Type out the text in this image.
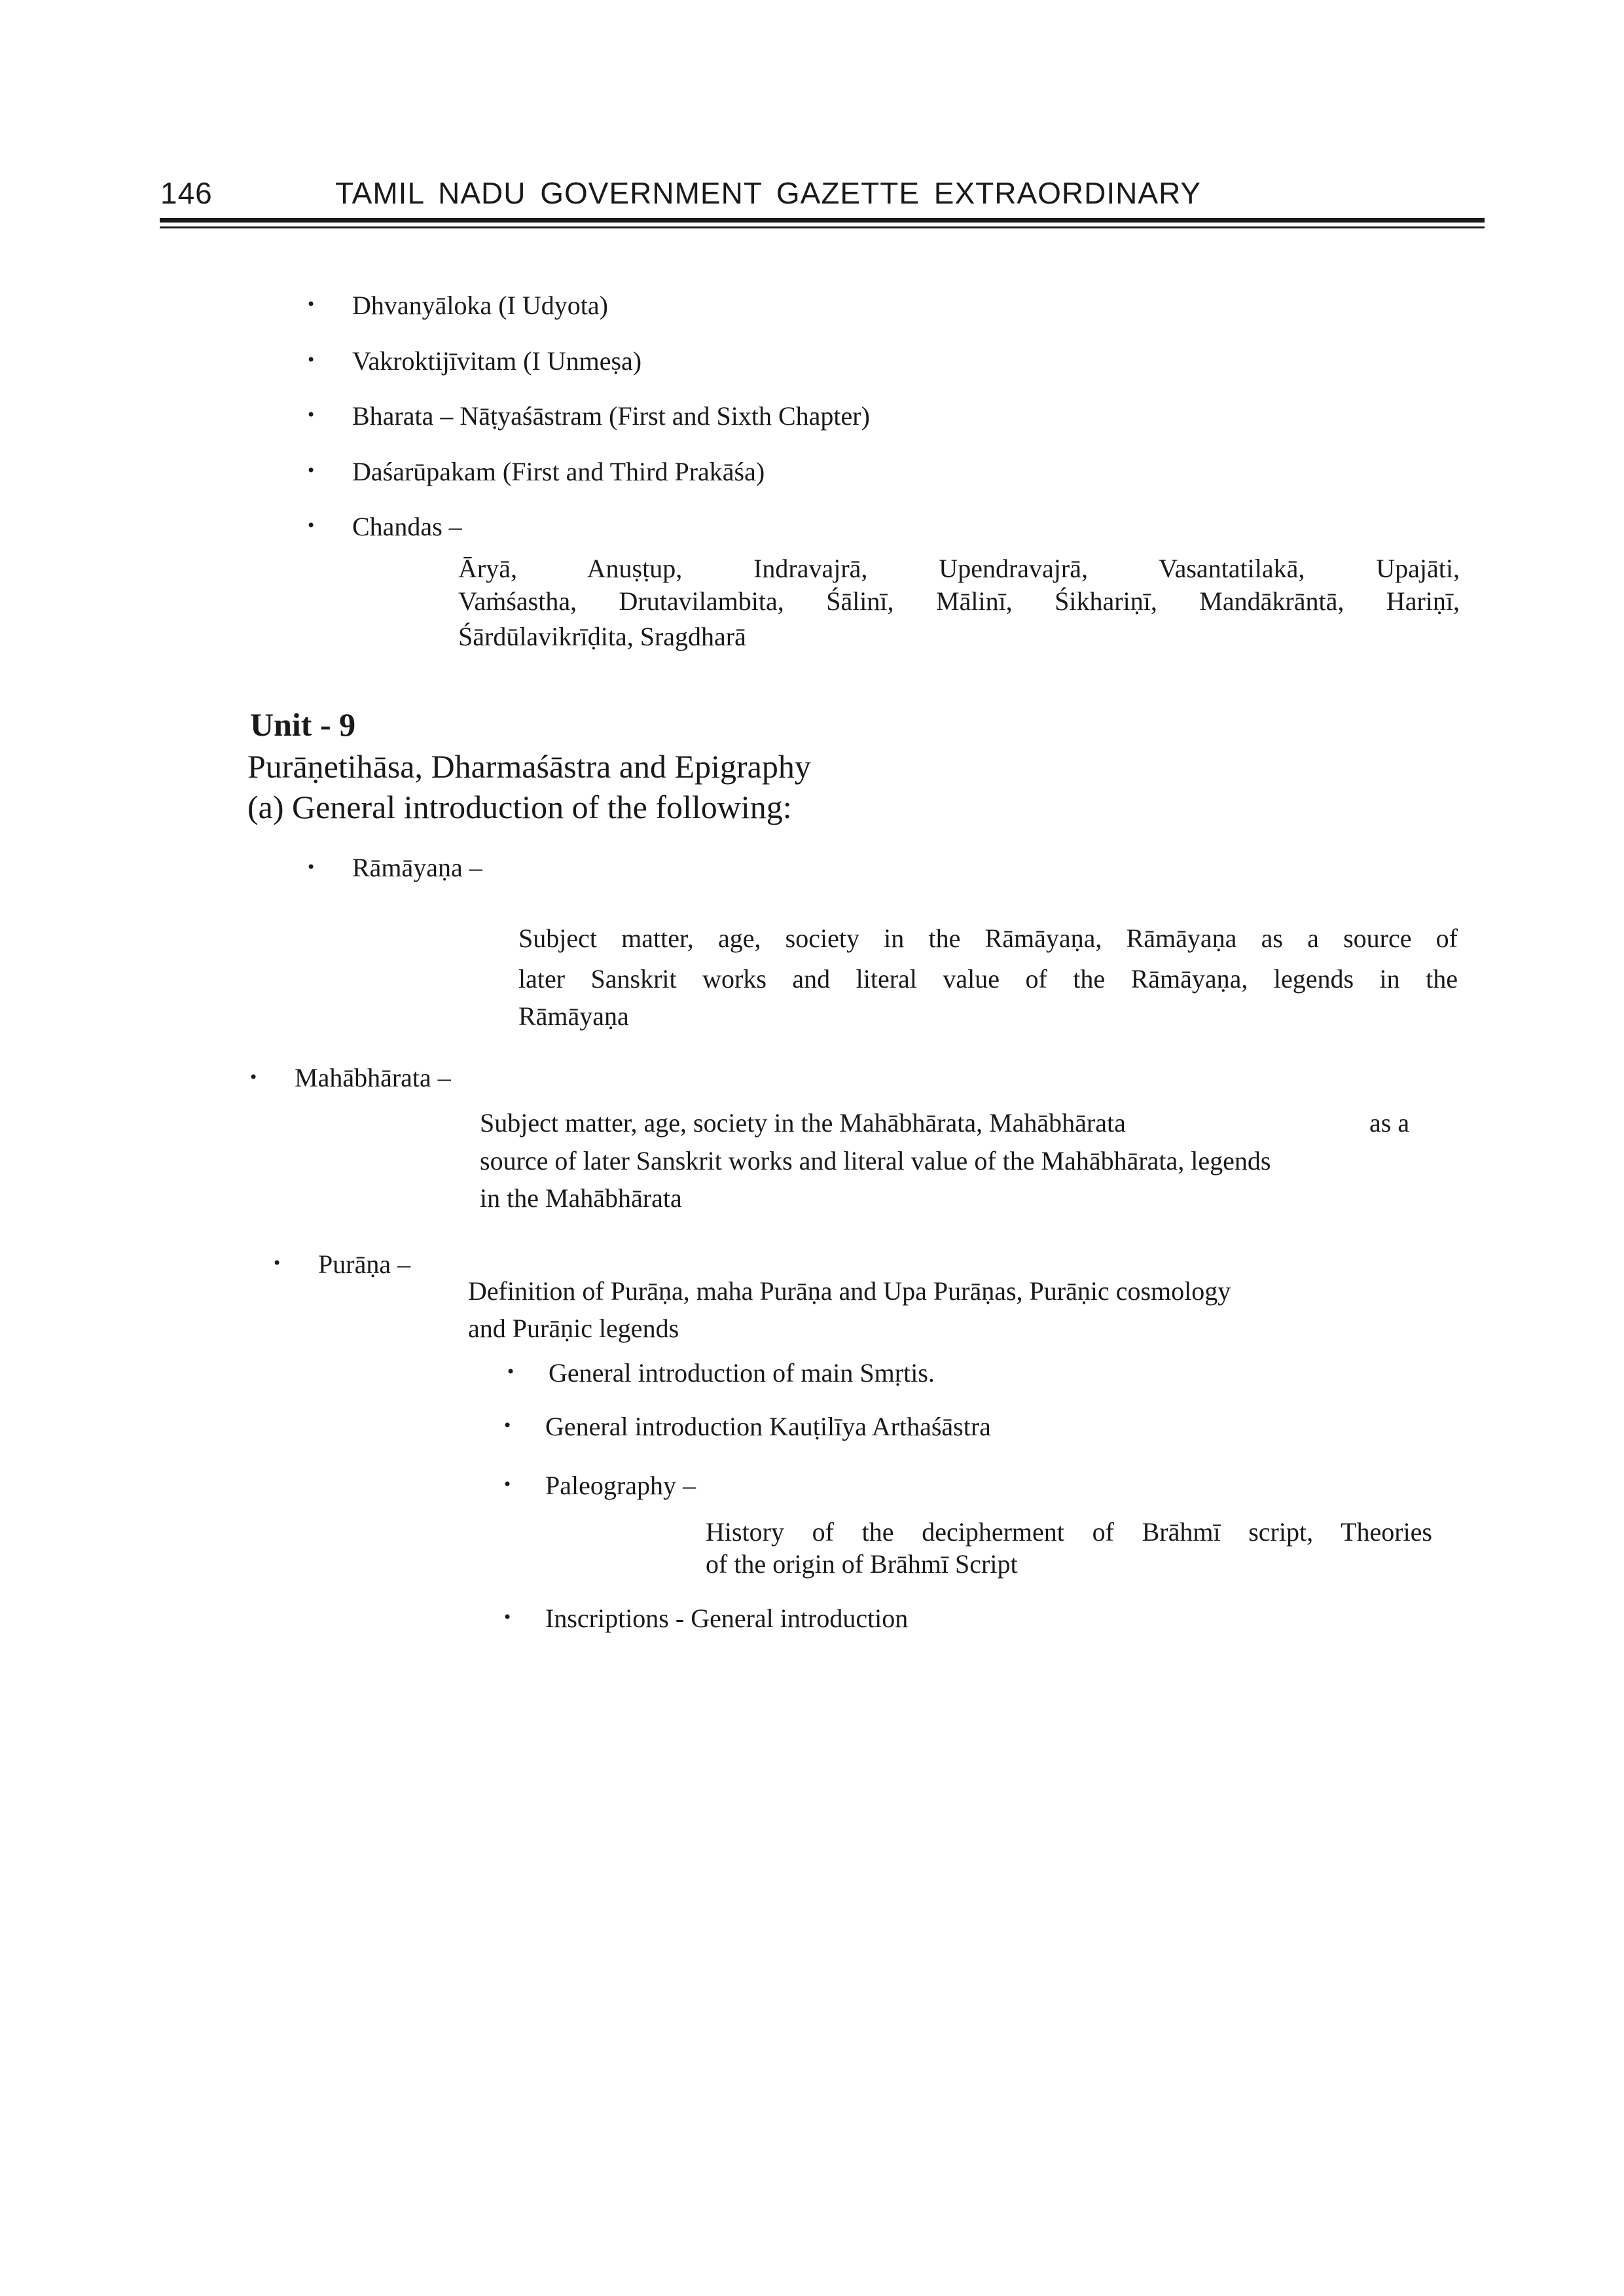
146	TAMIL NADU GOVERNMENT GAZETTE EXTRAORDINARY
• Dhvanyāloka (I Udyota)
• Vakroktijīvitam (I Unmeṣa)
• Bharata – Nāṭyaśāstram (First and Sixth Chapter)
• Daśarūpakam (First and Third Prakāśa)
• Chandas –
Āryā, Anuṣṭup, Indravajrā, Upendravajrā, Vasantatilakā, Upajāti,
Vaṁśastha, Drutavilambita, Śālinī, Mālinī, Śikhariṇī, Mandākrāntā, Hariṇī,
Śārdūlavikrīḍita, Sragdharā
Unit - 9
Purāṇetihāsa, Dharmaśāstra and Epigraphy
(a) General introduction of the following:
• Rāmāyaṇa –
Subject matter, age, society in the Rāmāyaṇa, Rāmāyaṇa as a source of
later Sanskrit works and literal value of the Rāmāyaṇa, legends in the
Rāmāyaṇa
• Mahābhārata –
Subject matter, age, society in the Mahābhārata, Mahābhārata	as a
source of later Sanskrit works and literal value of the Mahābhārata, legends
in the Mahābhārata
• Purāṇa –
Definition of Purāṇa, maha Purāṇa and Upa Purāṇas, Purāṇic cosmology
and Purāṇic legends
• General introduction of main Smṛtis.
• General introduction Kauṭilīya Arthaśāstra
• Paleography –
History of the decipherment of Brāhmī script, Theories
of the origin of Brāhmī Script
• Inscriptions - General introduction
